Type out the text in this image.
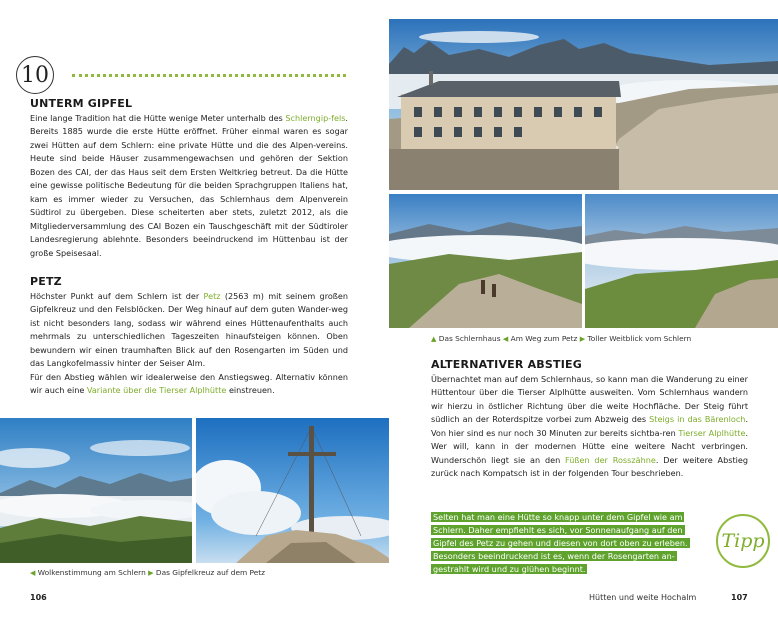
10
UNTERM GIPFEL
Eine lange Tradition hat die Hütte wenige Meter unterhalb des Schlerngip-fels. Bereits 1885 wurde die erste Hütte eröffnet. Früher einmal waren es sogar zwei Hütten auf dem Schlern: eine private Hütte und die des Alpen-vereins. Heute sind beide Häuser zusammengewachsen und gehören der Sektion Bozen des CAI, der das Haus seit dem Ersten Weltkrieg betreut. Da die Hütte eine gewisse politische Bedeutung für die beiden Sprachgruppen Italiens hat, kam es immer wieder zu Versuchen, das Schlernhaus dem Alpenverein Südtirol zu übergeben. Diese scheiterten aber stets, zuletzt 2012, als die Mitgliederversammlung des CAI Bozen ein Tauschgeschäft mit der Südtiroler Landesregierung ablehnte. Besonders beeindruckend im Hüttenbau ist der große Speisesaal.
PETZ
Höchster Punkt auf dem Schlern ist der Petz (2563 m) mit seinem großen Gipfelkreuz und den Felsblöcken. Der Weg hinauf auf dem guten Wander-weg ist nicht besonders lang, sodass wir während eines Hüttenaufenthalts auch mehrmals zu unterschiedlichen Tageszeiten hinaufsteigen können. Oben bewundern wir einen traumhaften Blick auf den Rosengarten im Süden und das Langkofelmassiv hinter der Seiser Alm.
Für den Abstieg wählen wir idealerweise den Anstiegsweg. Alternativ können wir auch eine Variante über die Tierser Alplhütte einstreuen.
◀ Wolkenstimmung am Schlern ▶ Das Gipfelkreuz auf dem Petz
106
▲ Das Schlernhaus ◀ Am Weg zum Petz ▶ Toller Weitblick vom Schlern
ALTERNATIVER ABSTIEG
Übernachtet man auf dem Schlernhaus, so kann man die Wanderung zu einer Hüttentour über die Tierser Alplhütte ausweiten. Vom Schlernhaus wandern wir hierzu in östlicher Richtung über die weite Hochfläche. Der Steig führt südlich an der Roterdspitze vorbei zum Abzweig des Steigs in das Bärenloch. Von hier sind es nur noch 30 Minuten zur bereits sichtba-ren Tierser Alplhütte. Wer will, kann in der modernen Hütte eine weitere Nacht verbringen. Wunderschön liegt sie an den Füßen der Rosszähne. Der weitere Abstieg zurück nach Kompatsch ist in der folgenden Tour beschrieben.
Selten hat man eine Hütte so knapp unter dem Gipfel wie am
Schlern. Daher empfiehlt es sich, vor Sonnenaufgang auf den
Gipfel des Petz zu gehen und diesen von dort oben zu erleben.
Besonders beeindruckend ist es, wenn der Rosengarten an-
gestrahlt wird und zu glühen beginnt.
Tipp
Hütten und weite Hochalm	107
